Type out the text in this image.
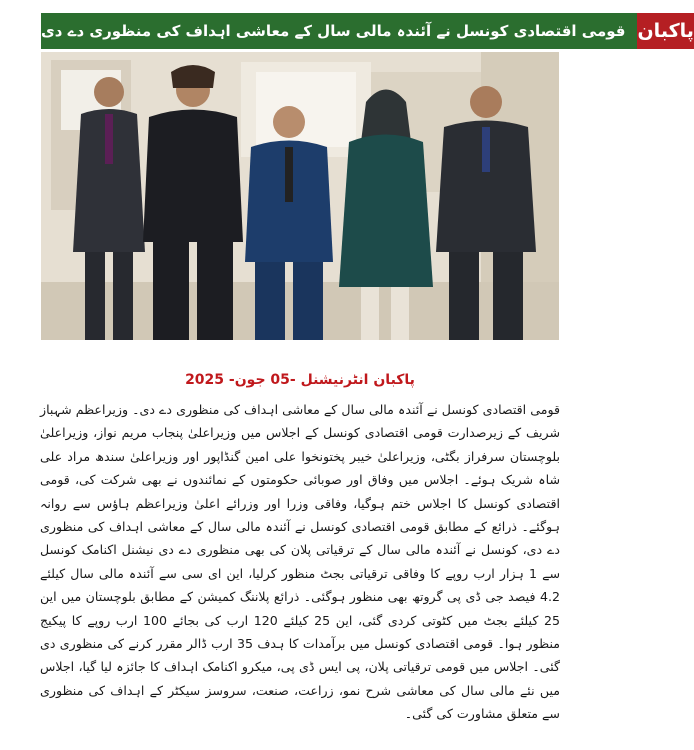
قومی اقتصادی کونسل نے آئندہ مالی سال کے معاشی اہداف کی منظوری دے دی پاکبان
پاکبان انٹرنیشنل -05 جون- 2025
قومی اقتصادی کونسل نے آئندہ مالی سال کے معاشی اہداف کی منظوری دے دی۔ وزیراعظم شہباز شریف کے زیرصدارت قومی اقتصادی کونسل کے اجلاس میں وزیراعلیٰ پنجاب مریم نواز، وزیراعلیٰ بلوچستان سرفراز بگٹی، وزیراعلیٰ خیبر پختونخوا علی امین گنڈاپور اور وزیراعلیٰ سندھ مراد علی شاہ شریک ہوئے۔ اجلاس میں وفاق اور صوبائی حکومتوں کے نمائندوں نے بھی شرکت کی، قومی اقتصادی کونسل کا اجلاس ختم ہوگیا، وفاقی وزرا اور وزرائے اعلیٰ وزیراعظم ہاؤس سے روانہ ہوگئے۔ ذرائع کے مطابق قومی اقتصادی کونسل نے آئندہ مالی سال کے معاشی اہداف کی منظوری دے دی، کونسل نے آئندہ مالی سال کے ترقیاتی پلان کی بھی منظوری دے دی نیشنل اکنامک کونسل سے 1 ہزار ارب روپے کا وفاقی ترقیاتی بجٹ منظور کرلیا، این ای سی سے آئندہ مالی سال کیلئے 4.2 فیصد جی ڈی پی گروتھ بھی منظور ہوگئی۔ ذرائع پلاننگ کمیشن کے مطابق بلوچستان میں این 25 کیلئے بجٹ میں کٹوتی کردی گئی، این 25 کیلئے 120 ارب کی بجائے 100 ارب روپے کا پیکیج منظور ہوا۔ قومی اقتصادی کونسل میں برآمدات کا ہدف 35 ارب ڈالر مقرر کرنے کی منظوری دی گئی۔ اجلاس میں قومی ترقیاتی پلان، پی ایس ڈی پی، میکرو اکنامک اہداف کا جائزہ لیا گیا، اجلاس میں نئے مالی سال کی معاشی شرح نمو، زراعت، صنعت، سروسز سیکٹر کے اہداف کی منظوری سے متعلق مشاورت کی گئی۔
